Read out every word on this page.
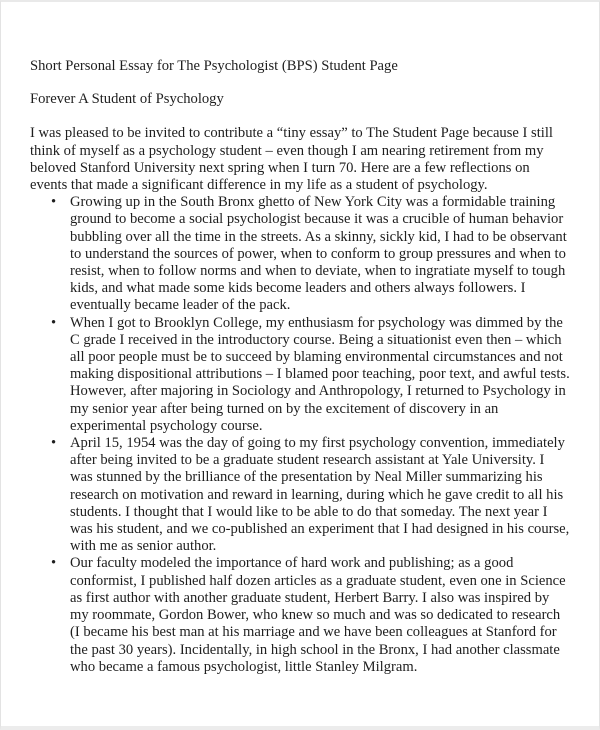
Short Personal Essay for The Psychologist (BPS) Student Page

Forever A Student of Psychology

I was pleased to be invited to contribute a “tiny essay” to The Student Page because I still think of myself as a psychology student – even though I am nearing retirement from my beloved Stanford University next spring when I turn 70. Here are a few reflections on events that made a significant difference in my life as a student of psychology.

• Growing up in the South Bronx ghetto of New York City was a formidable training ground to become a social psychologist because it was a crucible of human behavior bubbling over all the time in the streets. As a skinny, sickly kid, I had to be observant to understand the sources of power, when to conform to group pressures and when to resist, when to follow norms and when to deviate, when to ingratiate myself to tough kids, and what made some kids become leaders and others always followers. I eventually became leader of the pack.
• When I got to Brooklyn College, my enthusiasm for psychology was dimmed by the C grade I received in the introductory course. Being a situationist even then – which all poor people must be to succeed by blaming environmental circumstances and not making dispositional attributions – I blamed poor teaching, poor text, and awful tests. However, after majoring in Sociology and Anthropology, I returned to Psychology in my senior year after being turned on by the excitement of discovery in an experimental psychology course.
• April 15, 1954 was the day of going to my first psychology convention, immediately after being invited to be a graduate student research assistant at Yale University. I was stunned by the brilliance of the presentation by Neal Miller summarizing his research on motivation and reward in learning, during which he gave credit to all his students. I thought that I would like to be able to do that someday. The next year I was his student, and we co-published an experiment that I had designed in his course, with me as senior author.
• Our faculty modeled the importance of hard work and publishing; as a good conformist, I published half dozen articles as a graduate student, even one in Science as first author with another graduate student, Herbert Barry. I also was inspired by my roommate, Gordon Bower, who knew so much and was so dedicated to research (I became his best man at his marriage and we have been colleagues at Stanford for the past 30 years). Incidentally, in high school in the Bronx, I had another classmate who became a famous psychologist, little Stanley Milgram.
